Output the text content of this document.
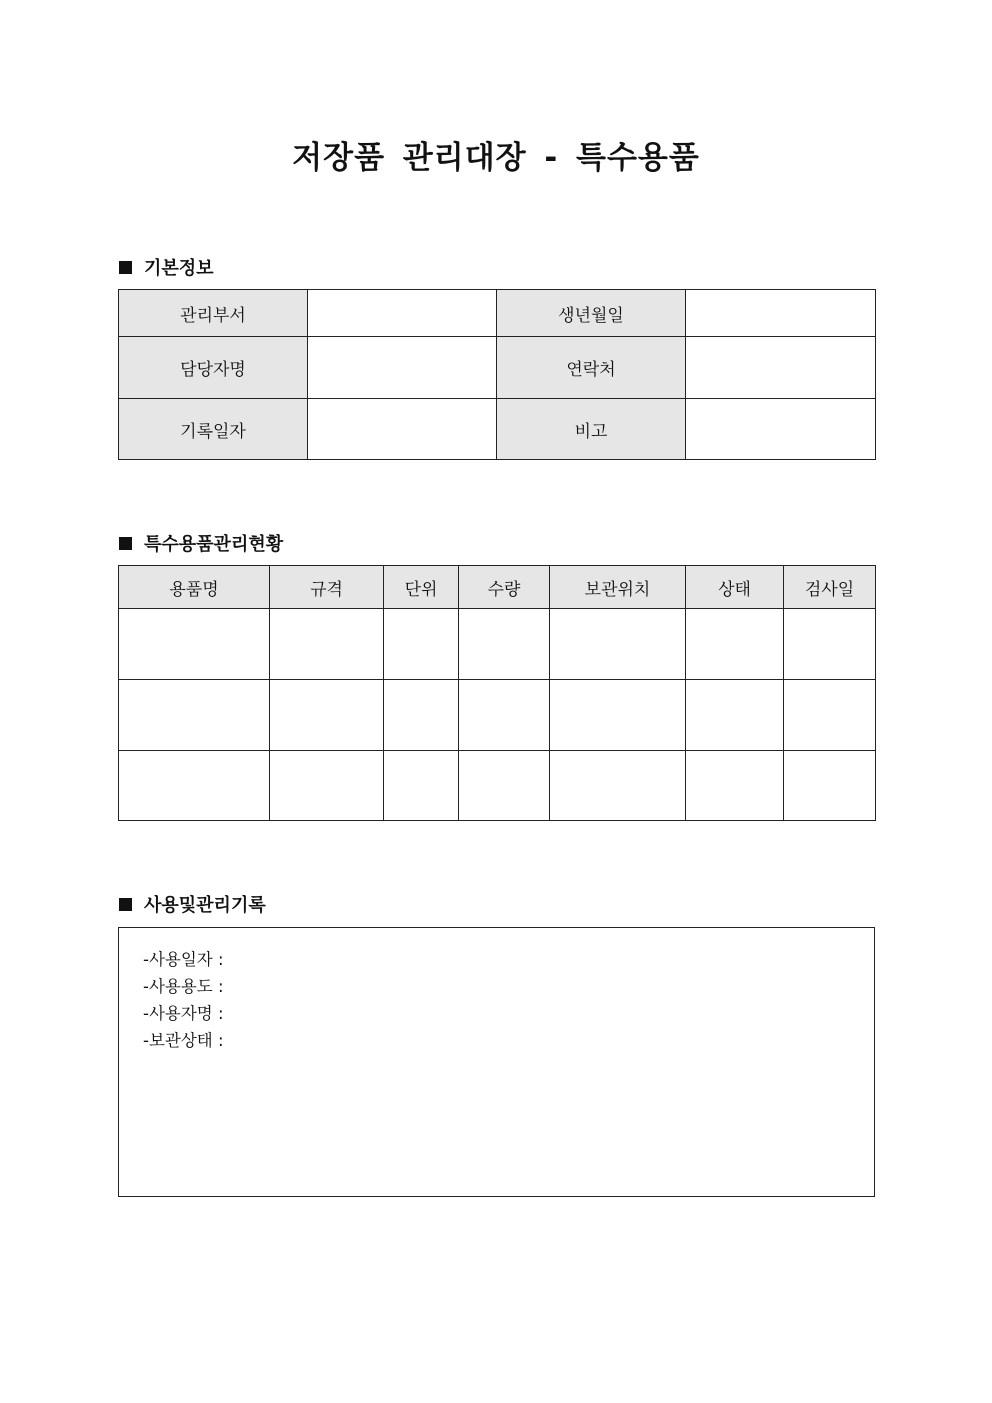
저장품 관리대장 - 특수용품
기본정보
관리부서		생년월일	
담당자명		연락처	
기록일자		비고	
특수용품관리현황
용품명	규격	단위	수량	보관위치	상태	검사일

사용및관리기록
-사용일자 :
-사용용도 :
-사용자명 :
-보관상태 :
